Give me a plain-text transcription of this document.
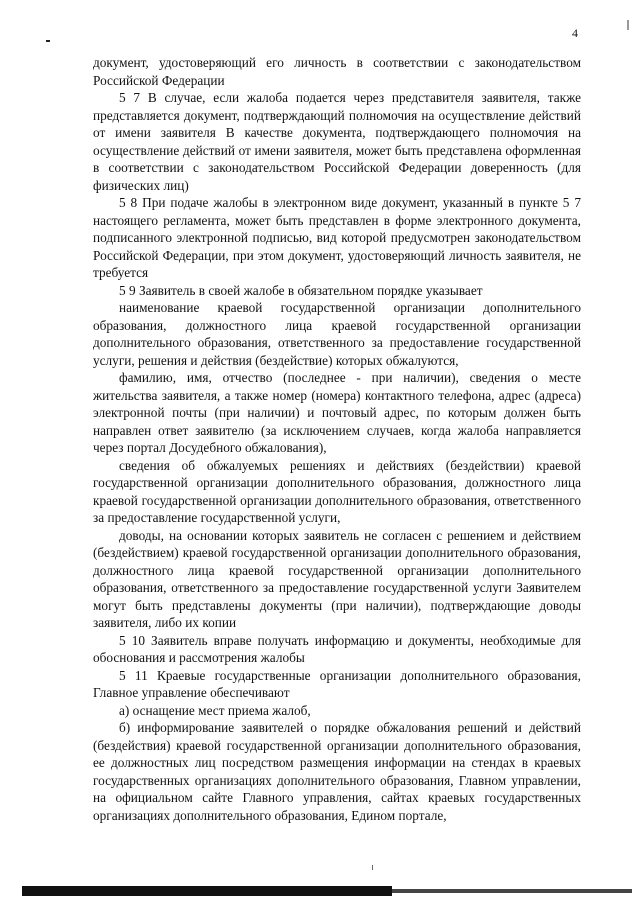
4

документ, удостоверяющий его личность в соответствии с законодательством Российской Федерации

5 7 В случае, если жалоба подается через представителя заявителя, также представляется документ, подтверждающий полномочия на осуществление действий от имени заявителя В качестве документа, подтверждающего полномочия на осуществление действий от имени заявителя, может быть представлена оформленная в соответствии с законодательством Российской Федерации доверенность (для физических лиц)

5 8 При подаче жалобы в электронном виде документ, указанный в пункте 5 7 настоящего регламента, может быть представлен в форме электронного документа, подписанного электронной подписью, вид которой предусмотрен законодательством Российской Федерации, при этом документ, удостоверяющий личность заявителя, не требуется

5 9 Заявитель в своей жалобе в обязательном порядке указывает

наименование краевой государственной организации дополнительного образования, должностного лица краевой государственной организации дополнительного образования, ответственного за предоставление государственной услуги, решения и действия (бездействие) которых обжалуются,

фамилию, имя, отчество (последнее - при наличии), сведения о месте жительства заявителя, а также номер (номера) контактного телефона, адрес (адреса) электронной почты (при наличии) и почтовый адрес, по которым должен быть направлен ответ заявителю (за исключением случаев, когда жалоба направляется через портал Досудебного обжалования),

сведения об обжалуемых решениях и действиях (бездействии) краевой государственной организации дополнительного образования, должностного лица краевой государственной организации дополнительного образования, ответственного за предоставление государственной услуги,

доводы, на основании которых заявитель не согласен с решением и действием (бездействием) краевой государственной организации дополнительного образования, должностного лица краевой государственной организации дополнительного образования, ответственного за предоставление государственной услуги Заявителем могут быть представлены документы (при наличии), подтверждающие доводы заявителя, либо их копии

5 10 Заявитель вправе получать информацию и документы, необходимые для обоснования и рассмотрения жалобы

5 11 Краевые государственные организации дополнительного образования, Главное управление обеспечивают

а) оснащение мест приема жалоб,

б) информирование заявителей о порядке обжалования решений и действий (бездействия) краевой государственной организации дополнительного образования, ее должностных лиц посредством размещения информации на стендах в краевых государственных организациях дополнительного образования, Главном управлении, на официальном сайте Главного управления, сайтах краевых государственных организациях дополнительного образования, Едином портале,
